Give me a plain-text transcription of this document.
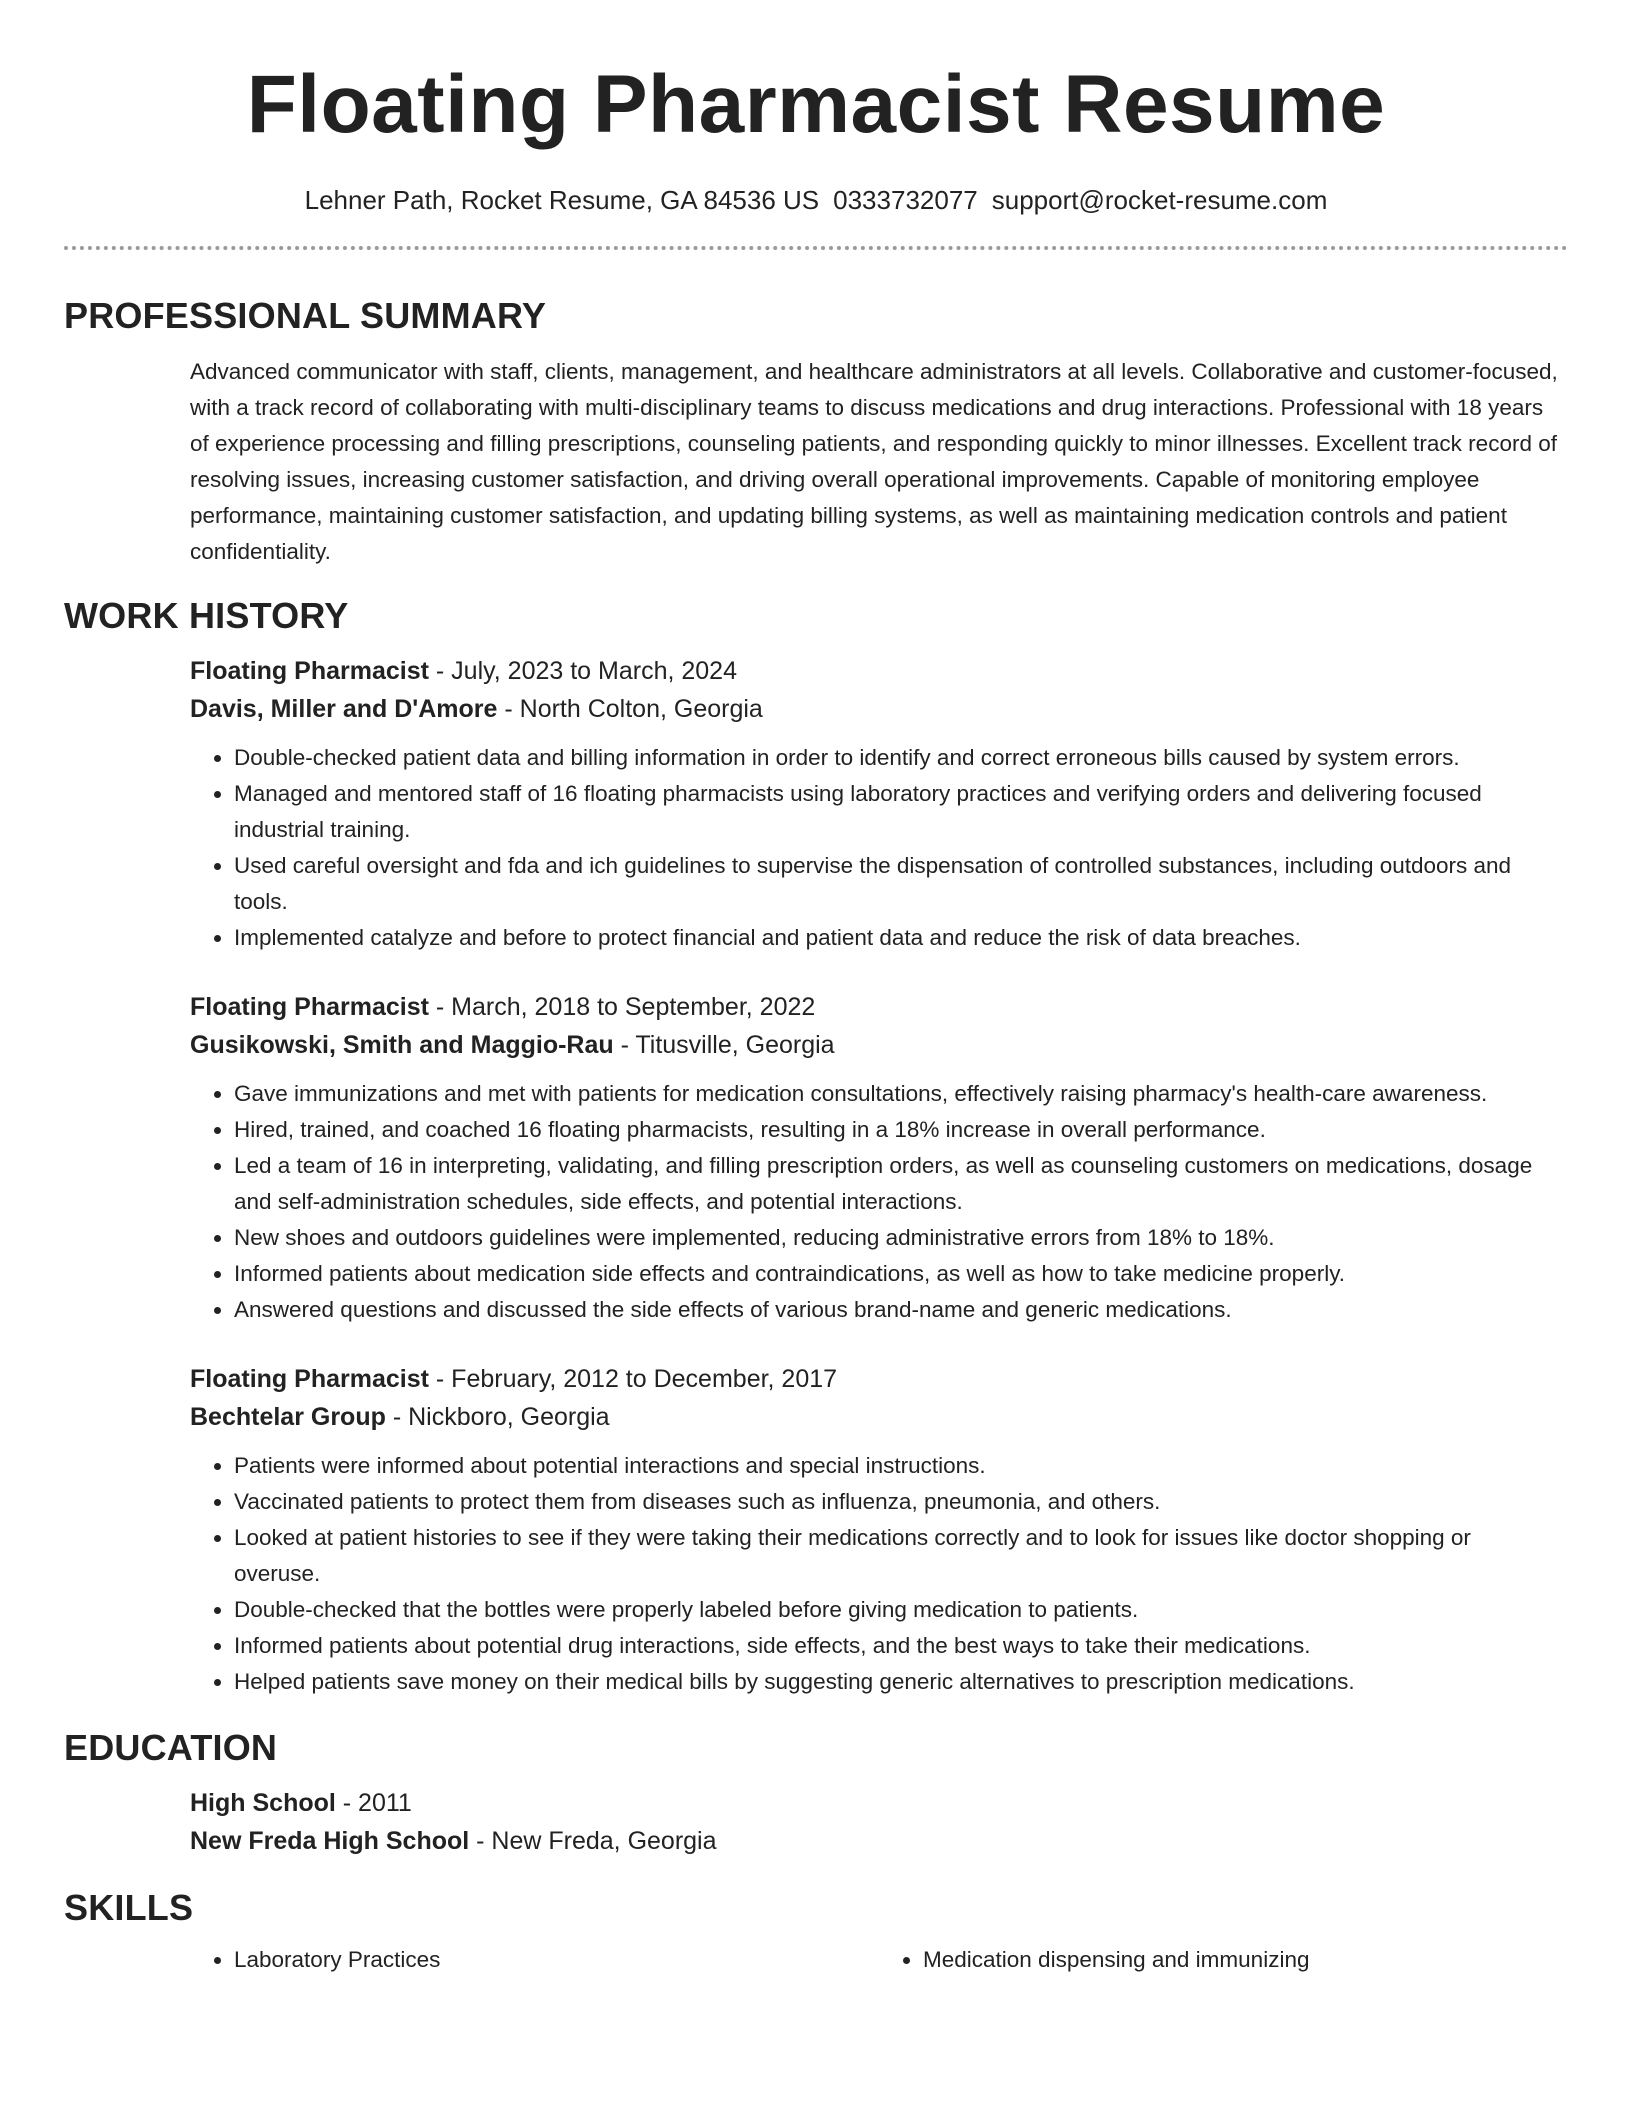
Floating Pharmacist Resume
Lehner Path, Rocket Resume, GA 84536 US 0333732077 support@rocket-resume.com
PROFESSIONAL SUMMARY

Advanced communicator with staff, clients, management, and healthcare administrators at all levels. Collaborative and customer-focused, with a track record of collaborating with multi-disciplinary teams to discuss medications and drug interactions. Professional with 18 years of experience processing and filling prescriptions, counseling patients, and responding quickly to minor illnesses. Excellent track record of resolving issues, increasing customer satisfaction, and driving overall operational improvements. Capable of monitoring employee performance, maintaining customer satisfaction, and updating billing systems, as well as maintaining medication controls and patient confidentiality.

WORK HISTORY

Floating Pharmacist - July, 2023 to March, 2024

Davis, Miller and D'Amore - North Colton, Georgia

• Double-checked patient data and billing information in order to identify and correct erroneous bills caused by system errors.
• Managed and mentored staff of 16 floating pharmacists using laboratory practices and verifying orders and delivering focused industrial training.
• Used careful oversight and fda and ich guidelines to supervise the dispensation of controlled substances, including outdoors and tools.
• Implemented catalyze and before to protect financial and patient data and reduce the risk of data breaches.

Floating Pharmacist - March, 2018 to September, 2022

Gusikowski, Smith and Maggio-Rau - Titusville, Georgia

• Gave immunizations and met with patients for medication consultations, effectively raising pharmacy's health-care awareness.
• Hired, trained, and coached 16 floating pharmacists, resulting in a 18% increase in overall performance.
• Led a team of 16 in interpreting, validating, and filling prescription orders, as well as counseling customers on medications, dosage and self-administration schedules, side effects, and potential interactions.
• New shoes and outdoors guidelines were implemented, reducing administrative errors from 18% to 18%.
• Informed patients about medication side effects and contraindications, as well as how to take medicine properly.
• Answered questions and discussed the side effects of various brand-name and generic medications.

Floating Pharmacist - February, 2012 to December, 2017

Bechtelar Group - Nickboro, Georgia

• Patients were informed about potential interactions and special instructions.
• Vaccinated patients to protect them from diseases such as influenza, pneumonia, and others.
• Looked at patient histories to see if they were taking their medications correctly and to look for issues like doctor shopping or overuse.
• Double-checked that the bottles were properly labeled before giving medication to patients.
• Informed patients about potential drug interactions, side effects, and the best ways to take their medications.
• Helped patients save money on their medical bills by suggesting generic alternatives to prescription medications.
EDUCATION

High School - 2011

New Freda High School - New Freda, Georgia

SKILLS
• Laboratory Practices
•	Medication dispensing and immunizing
